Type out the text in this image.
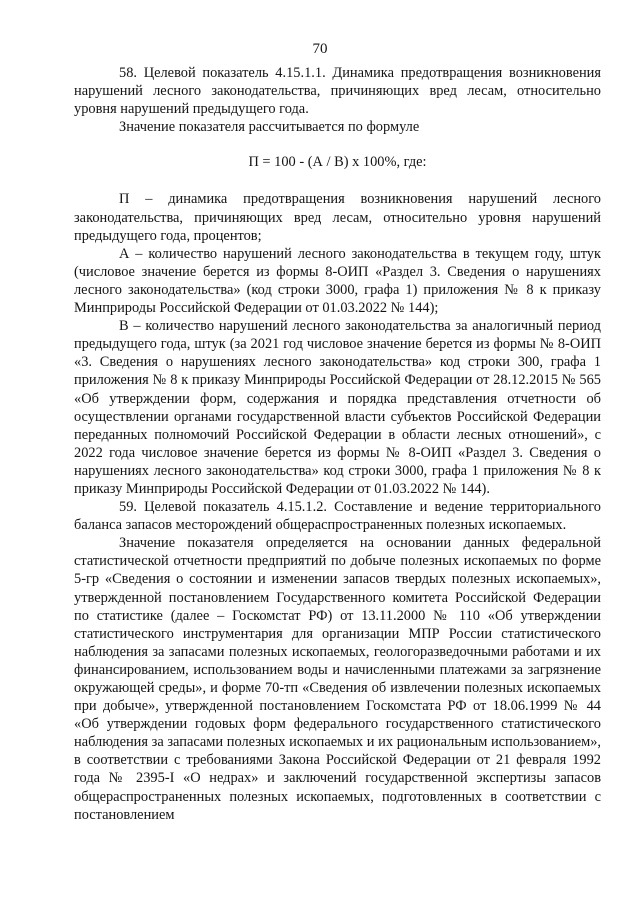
70

58. Целевой показатель 4.15.1.1. Динамика предотвращения возникновения нарушений лесного законодательства, причиняющих вред лесам, относительно уровня нарушений предыдущего года.

Значение показателя рассчитывается по формуле

П = 100 - (А / В) х 100%, где:

П – динамика предотвращения возникновения нарушений лесного законодательства, причиняющих вред лесам, относительно уровня нарушений предыдущего года, процентов;

А – количество нарушений лесного законодательства в текущем году, штук (числовое значение берется из формы 8-ОИП «Раздел 3. Сведения о нарушениях лесного законодательства» (код строки 3000, графа 1) приложения № 8 к приказу Минприроды Российской Федерации от 01.03.2022 № 144);

В – количество нарушений лесного законодательства за аналогичный период предыдущего года, штук (за 2021 год числовое значение берется из формы № 8-ОИП «3. Сведения о нарушениях лесного законодательства» код строки 300, графа 1 приложения № 8 к приказу Минприроды Российской Федерации от 28.12.2015 № 565 «Об утверждении форм, содержания и порядка представления отчетности об осуществлении органами государственной власти субъектов Российской Федерации переданных полномочий Российской Федерации в области лесных отношений», с 2022 года числовое значение берется из формы № 8-ОИП «Раздел 3. Сведения о нарушениях лесного законодательства» код строки 3000, графа 1 приложения № 8 к приказу Минприроды Российской Федерации от 01.03.2022 № 144).

59. Целевой показатель 4.15.1.2. Составление и ведение территориального баланса запасов месторождений общераспространенных полезных ископаемых.

Значение показателя определяется на основании данных федеральной статистической отчетности предприятий по добыче полезных ископаемых по форме 5-гр «Сведения о состоянии и изменении запасов твердых полезных ископаемых», утвержденной постановлением Государственного комитета Российской Федерации по статистике (далее – Госкомстат РФ) от 13.11.2000 № 110 «Об утверждении статистического инструментария для организации МПР России статистического наблюдения за запасами полезных ископаемых, геологоразведочными работами и их финансированием, использованием воды и начисленными платежами за загрязнение окружающей среды», и форме 70-тп «Сведения об извлечении полезных ископаемых при добыче», утвержденной постановлением Госкомстата РФ от 18.06.1999 № 44 «Об утверждении годовых форм федерального государственного статистического наблюдения за запасами полезных ископаемых и их рациональным использованием», в соответствии с требованиями Закона Российской Федерации от 21 февраля 1992 года № 2395-I «О недрах» и заключений государственной экспертизы запасов общераспространенных полезных ископаемых, подготовленных в соответствии с постановлением
